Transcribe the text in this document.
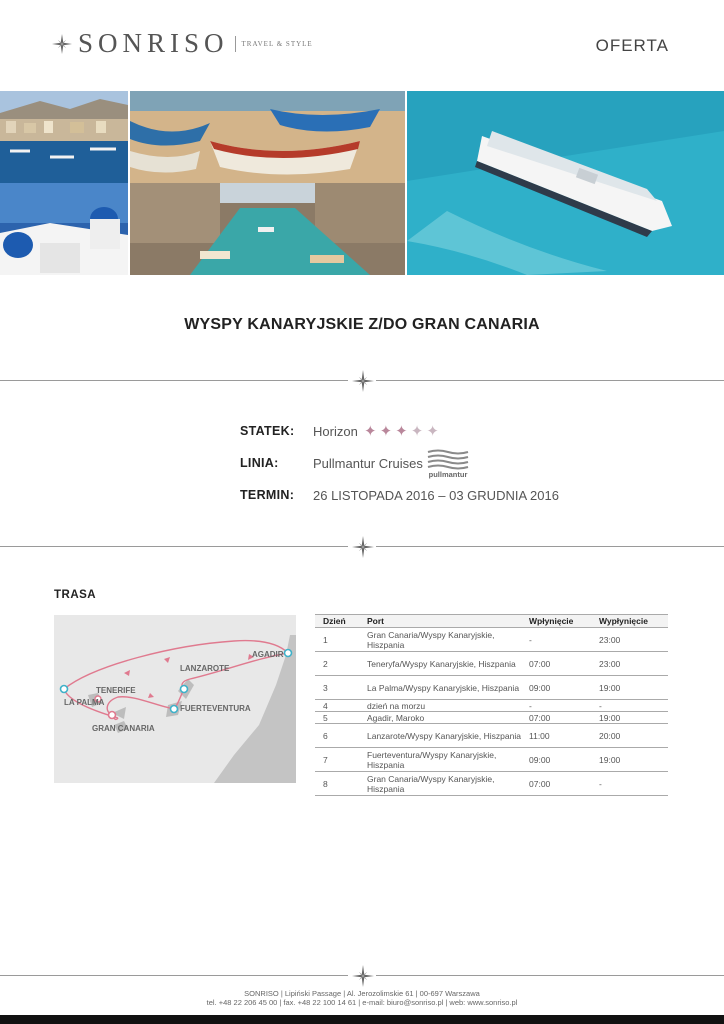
SONRISO TRAVEL & STYLE	OFERTA
WYSPY KANARYJSKIE Z/DO GRAN CANARIA
STATEK: Horizon ✦ ✦ ✦ ✦ ✦
LINIA:	Pullmantur Cruises
pullmantur
TERMIN: 26 LISTOPADA 2016 – 03 GRUDNIA 2016
TRASA
AGADIR
LANZAROTE
TENERIFE
LA PALMA
FUERTEVENTURA
GRAN CANARIA
Dzień	Port	Wpłynięcie	Wypłynięcie
1	Gran Canaria/Wyspy Kanaryjskie, Hiszpania	-	23:00
2	Teneryfa/Wyspy Kanaryjskie, Hiszpania	07:00	23:00
3	La Palma/Wyspy Kanaryjskie, Hiszpania	09:00	19:00
4	dzień na morzu	-	-
5	Agadir, Maroko	07:00	19:00
6	Lanzarote/Wyspy Kanaryjskie, Hiszpania	11:00	20:00
7	Fuerteventura/Wyspy Kanaryjskie, Hiszpania	09:00	19:00
8	Gran Canaria/Wyspy Kanaryjskie, Hiszpania	07:00	-
SONRISO | Lipiński Passage | Al. Jerozolimskie 61 | 00-697 Warszawa
tel. +48 22 206 45 00 | fax. +48 22 100 14 61 | e-mail: biuro@sonriso.pl | web: www.sonriso.pl
